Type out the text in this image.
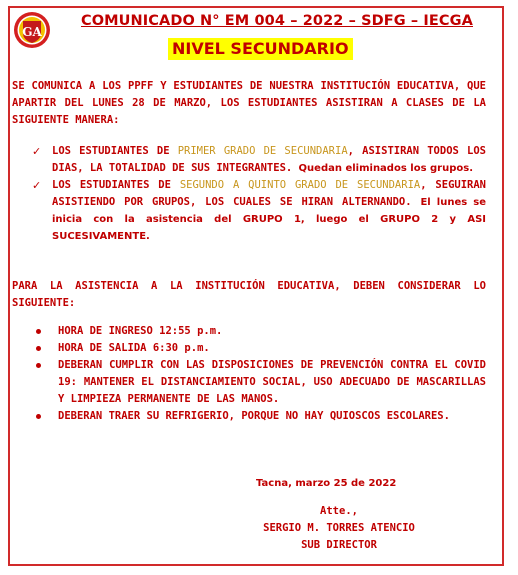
GA
COMUNICADO N° EM 004 – 2022 – SDFG – IECGA
NIVEL SECUNDARIO
SE COMUNICA A LOS PPFF Y ESTUDIANTES DE NUESTRA INSTITUCIÓN EDUCATIVA, QUE APARTIR DEL LUNES 28 DE MARZO, LOS ESTUDIANTES ASISTIRAN A CLASES DE LA SIGUIENTE MANERA:
✓ LOS ESTUDIANTES DE PRIMER GRADO DE SECUNDARIA, ASISTIRAN TODOS LOS DIAS, LA TOTALIDAD DE SUS INTEGRANTES. Quedan eliminados los grupos.
✓ LOS ESTUDIANTES DE SEGUNDO A QUINTO GRADO DE SECUNDARIA, SEGUIRAN ASISTIENDO POR GRUPOS, LOS CUALES SE HIRAN ALTERNANDO. El lunes se inicia con la asistencia del GRUPO 1, luego el GRUPO 2 y ASI SUCESIVAMENTE.
PARA LA ASISTENCIA A LA INSTITUCIÓN EDUCATIVA, DEBEN CONSIDERAR LO SIGUIENTE:
HORA DE INGRESO 12:55 p.m.
HORA DE SALIDA 6:30 p.m.
DEBERAN CUMPLIR CON LAS DISPOSICIONES DE PREVENCIÓN CONTRA EL COVID 19: MANTENER EL DISTANCIAMIENTO SOCIAL, USO ADECUADO DE MASCARILLAS Y LIMPIEZA PERMANENTE DE LAS MANOS.
DEBERAN TRAER SU REFRIGERIO, PORQUE NO HAY QUIOSCOS ESCOLARES.
Tacna, marzo 25 de 2022
Atte.,
SERGIO M. TORRES ATENCIO
SUB DIRECTOR
